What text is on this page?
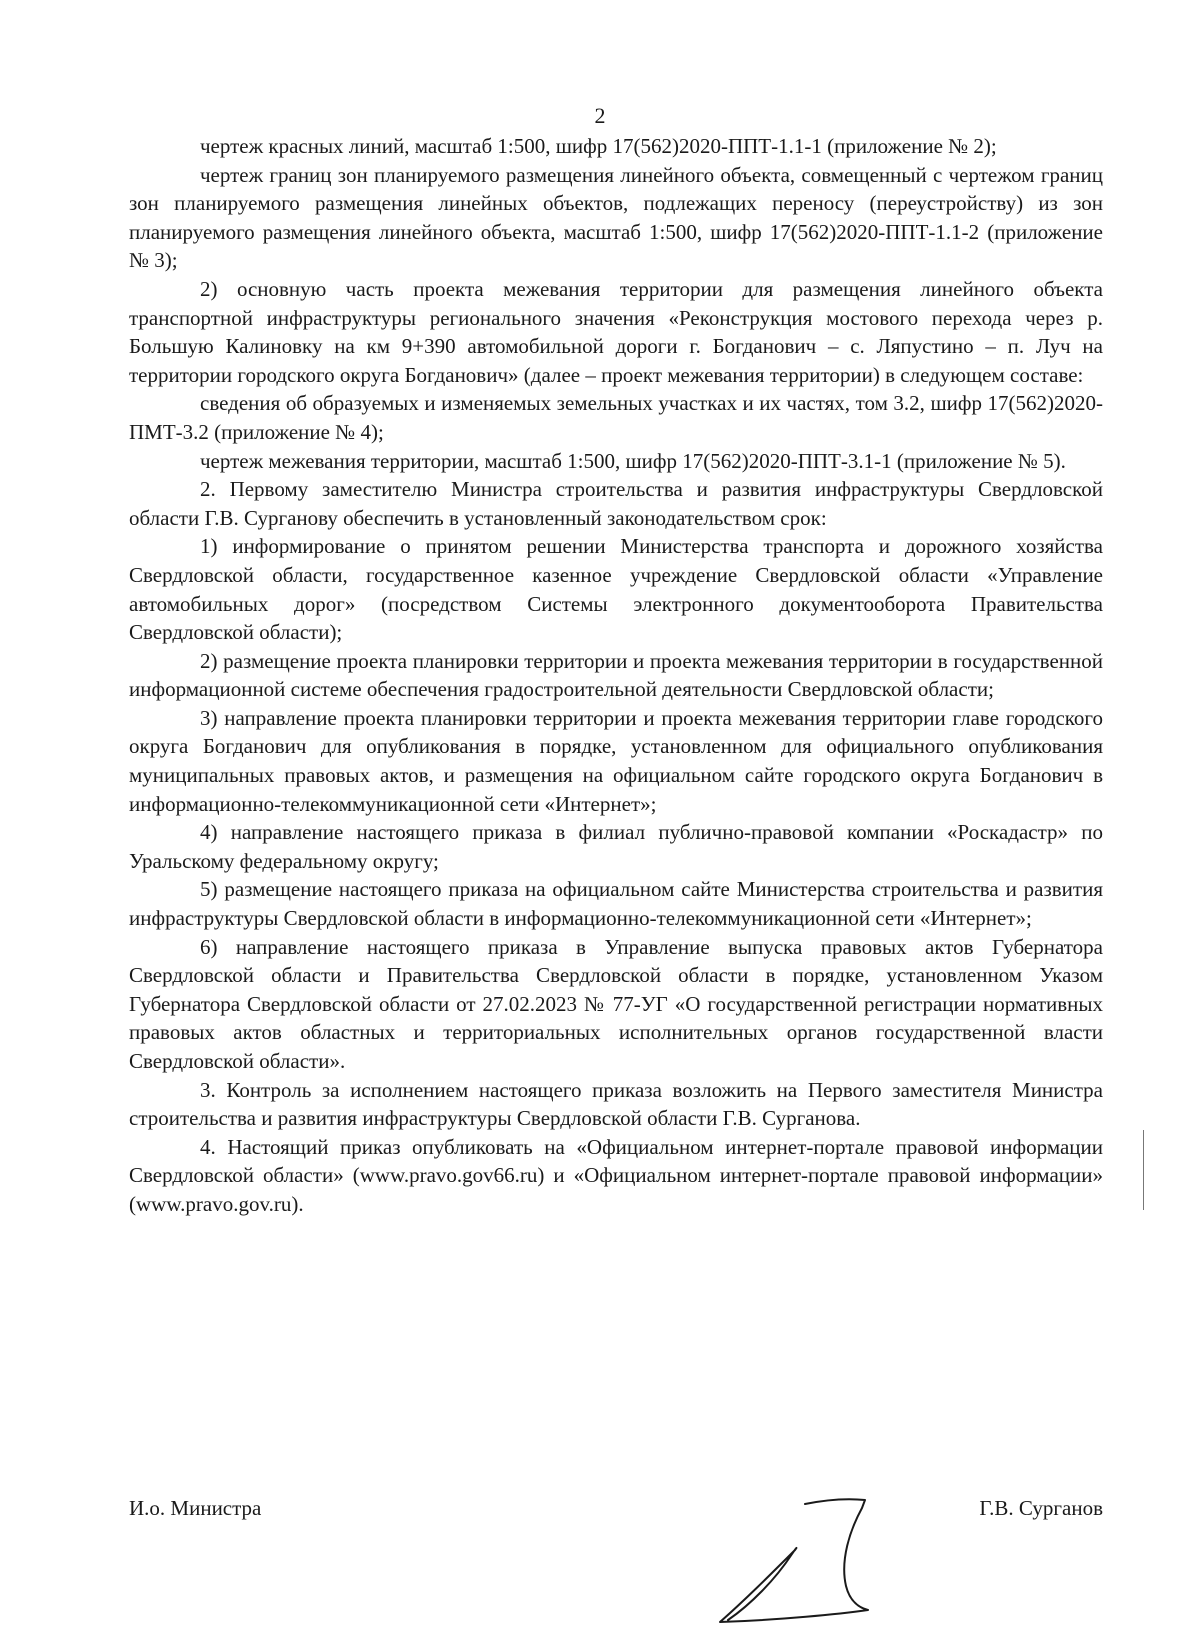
2

чертеж красных линий, масштаб 1:500, шифр 17(562)2020-ППТ-1.1-1 (приложение № 2);

чертеж границ зон планируемого размещения линейного объекта, совмещенный с чертежом границ зон планируемого размещения линейных объектов, подлежащих переносу (переустройству) из зон планируемого размещения линейного объекта, масштаб 1:500, шифр 17(562)2020-ППТ-1.1-2 (приложение № 3);

2) основную часть проекта межевания территории для размещения линейного объекта транспортной инфраструктуры регионального значения «Реконструкция мостового перехода через р. Большую Калиновку на км 9+390 автомобильной дороги г. Богданович – с. Ляпустино – п. Луч на территории городского округа Богданович» (далее – проект межевания территории) в следующем составе:

сведения об образуемых и изменяемых земельных участках и их частях, том 3.2, шифр 17(562)2020-ПМТ-3.2 (приложение № 4);

чертеж межевания территории, масштаб 1:500, шифр 17(562)2020-ППТ-3.1-1 (приложение № 5).

2. Первому заместителю Министра строительства и развития инфраструктуры Свердловской области Г.В. Сурганову обеспечить в установленный законодательством срок:

1) информирование о принятом решении Министерства транспорта и дорожного хозяйства Свердловской области, государственное казенное учреждение Свердловской области «Управление автомобильных дорог» (посредством Системы электронного документооборота Правительства Свердловской области);

2) размещение проекта планировки территории и проекта межевания территории в государственной информационной системе обеспечения градостроительной деятельности Свердловской области;

3) направление проекта планировки территории и проекта межевания территории главе городского округа Богданович для опубликования в порядке, установленном для официального опубликования муниципальных правовых актов, и размещения на официальном сайте городского округа Богданович в информационно-телекоммуникационной сети «Интернет»;

4) направление настоящего приказа в филиал публично-правовой компании «Роскадастр» по Уральскому федеральному округу;

5) размещение настоящего приказа на официальном сайте Министерства строительства и развития инфраструктуры Свердловской области в информационно-телекоммуникационной сети «Интернет»;

6) направление настоящего приказа в Управление выпуска правовых актов Губернатора Свердловской области и Правительства Свердловской области в порядке, установленном Указом Губернатора Свердловской области от 27.02.2023 № 77-УГ «О государственной регистрации нормативных правовых актов областных и территориальных исполнительных органов государственной власти Свердловской области».

3. Контроль за исполнением настоящего приказа возложить на Первого заместителя Министра строительства и развития инфраструктуры Свердловской области Г.В. Сурганова.

4. Настоящий приказ опубликовать на «Официальном интернет-портале правовой информации Свердловской области» (www.pravo.gov66.ru) и «Официальном интернет-портале правовой информации» (www.pravo.gov.ru).

И.о. Министра	Г.В. Сурганов
